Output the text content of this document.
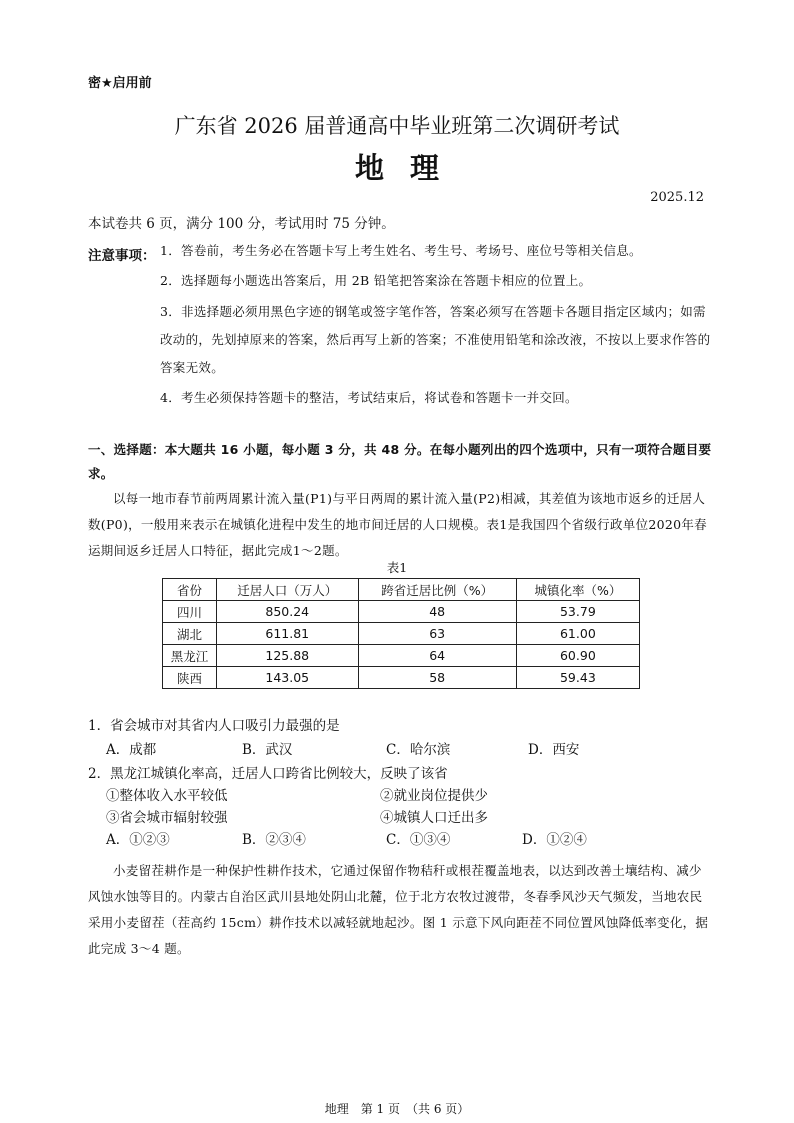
密★启用前
广东省 2026 届普通高中毕业班第二次调研考试
地理
2025.12
本试卷共 6 页，满分 100 分，考试用时 75 分钟。
注意事项： 1．答卷前，考生务必在答题卡写上考生姓名、考生号、考场号、座位号等相关信息。
2．选择题每小题选出答案后，用 2B 铅笔把答案涂在答题卡相应的位置上。
3．非选择题必须用黑色字迹的钢笔或签字笔作答，答案必须写在答题卡各题目指定区域内；如需改动的，先划掉原来的答案，然后再写上新的答案；不准使用铅笔和涂改液，不按以上要求作答的答案无效。
4．考生必须保持答题卡的整洁，考试结束后，将试卷和答题卡一并交回。
一、选择题：本大题共 16 小题，每小题 3 分，共 48 分。在每小题列出的四个选项中，只有一项符合题目要求。
以每一地市春节前两周累计流入量(P1)与平日两周的累计流入量(P2)相减，其差值为该地市返乡的迁居人数(P0)，一般用来表示在城镇化进程中发生的地市间迁居的人口规模。表1是我国四个省级行政单位2020年春运期间返乡迁居人口特征，据此完成1～2题。
表1
省份	迁居人口（万人）	跨省迁居比例（%）	城镇化率（%）
四川	850.24	48	53.79
湖北	611.81	63	61.00
黑龙江	125.88	64	60.90
陕西	143.05	58	59.43
1．省会城市对其省内人口吸引力最强的是
A．成都	B．武汉	C．哈尔滨	D．西安
2．黑龙江城镇化率高，迁居人口跨省比例较大，反映了该省
①整体收入水平较低	②就业岗位提供少
③省会城市辐射较强	④城镇人口迁出多
A．①②③	B．②③④	C．①③④	D．①②④
小麦留茬耕作是一种保护性耕作技术，它通过保留作物秸秆或根茬覆盖地表，以达到改善土壤结构、减少风蚀水蚀等目的。内蒙古自治区武川县地处阴山北麓，位于北方农牧过渡带，冬春季风沙天气频发，当地农民采用小麦留茬（茬高约 15cm）耕作技术以减轻就地起沙。图 1 示意下风向距茬不同位置风蚀降低率变化，据此完成 3～4 题。
地理　第 1 页　（共 6 页）
